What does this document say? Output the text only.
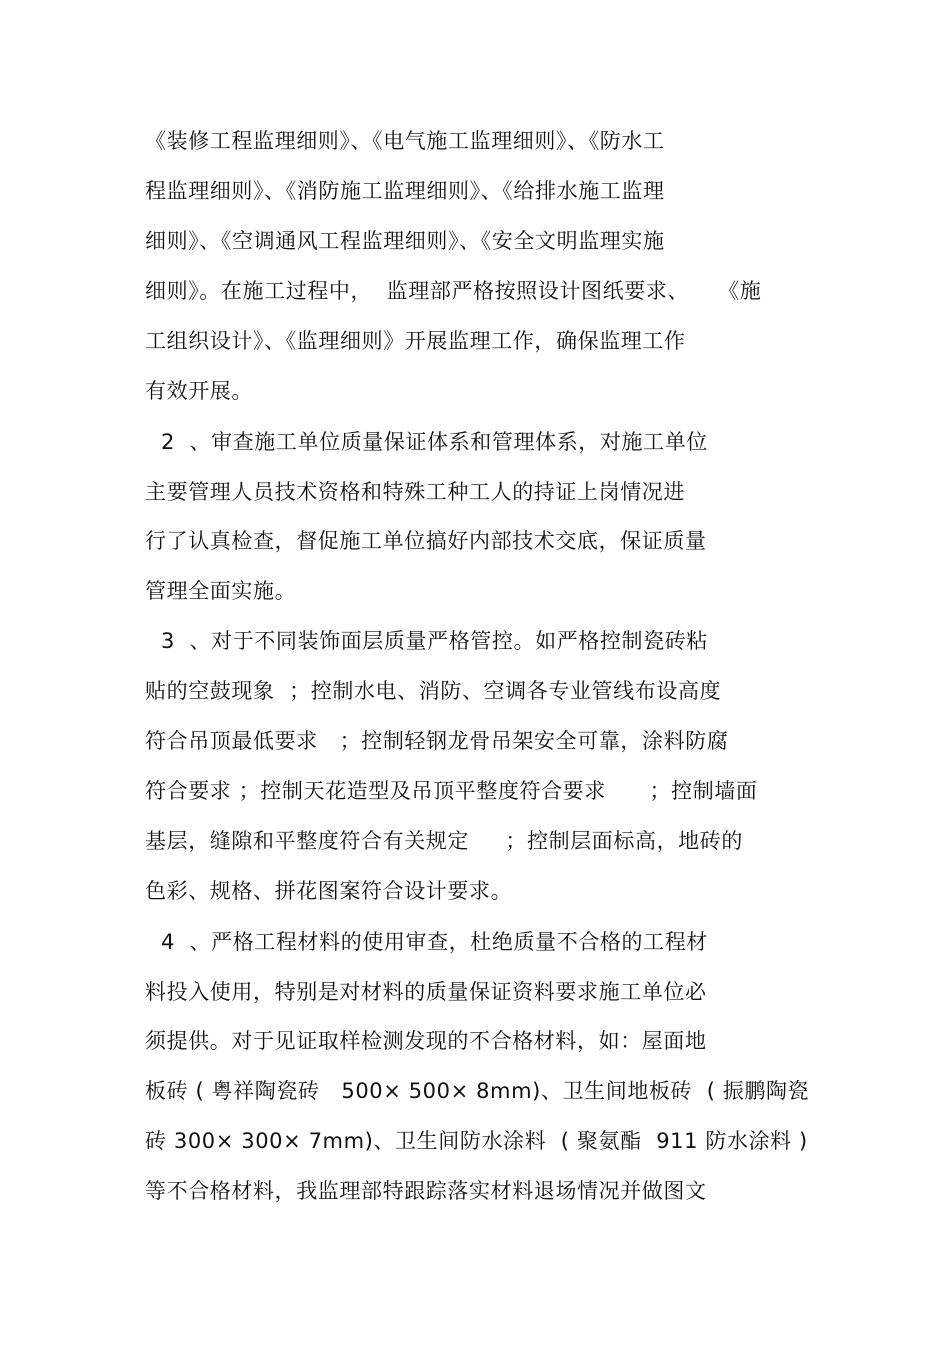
《装修工程监理细则》、《电气施工监理细则》、《防水工
程监理细则》、《消防施工监理细则》、《给排水施工监理
细则》、《空调通风工程监理细则》、《安全文明监理实施
细则》。在施工过程中，  监理部严格按照设计图纸要求、    《施
工组织设计》、《监理细则》开展监理工作，确保监理工作
有效开展。
2  、审查施工单位质量保证体系和管理体系，对施工单位
主要管理人员技术资格和特殊工种工人的持证上岗情况进
行了认真检查，督促施工单位搞好内部技术交底，保证质量
管理全面实施。
3  、对于不同装饰面层质量严格管控。如严格控制瓷砖粘
贴的空鼓现象  ；控制水电、消防、空调各专业管线布设高度
符合吊顶最低要求   ；控制轻钢龙骨吊架安全可靠，涂料防腐
符合要求 ；控制天花造型及吊顶平整度符合要求      ；控制墙面
基层，缝隙和平整度符合有关规定     ；控制层面标高，地砖的
色彩、规格、拼花图案符合设计要求。
4  、严格工程材料的使用审查，杜绝质量不合格的工程材
料投入使用，特别是对材料的质量保证资料要求施工单位必
须提供。对于见证取样检测发现的不合格材料，如：屋面地
板砖 ( 粤祥陶瓷砖   500× 500× 8mm)、卫生间地板砖  ( 振鹏陶瓷
砖 300× 300× 7mm)、卫生间防水涂料  ( 聚氨酯  911 防水涂料 )
等不合格材料，我监理部特跟踪落实材料退场情况并做图文
